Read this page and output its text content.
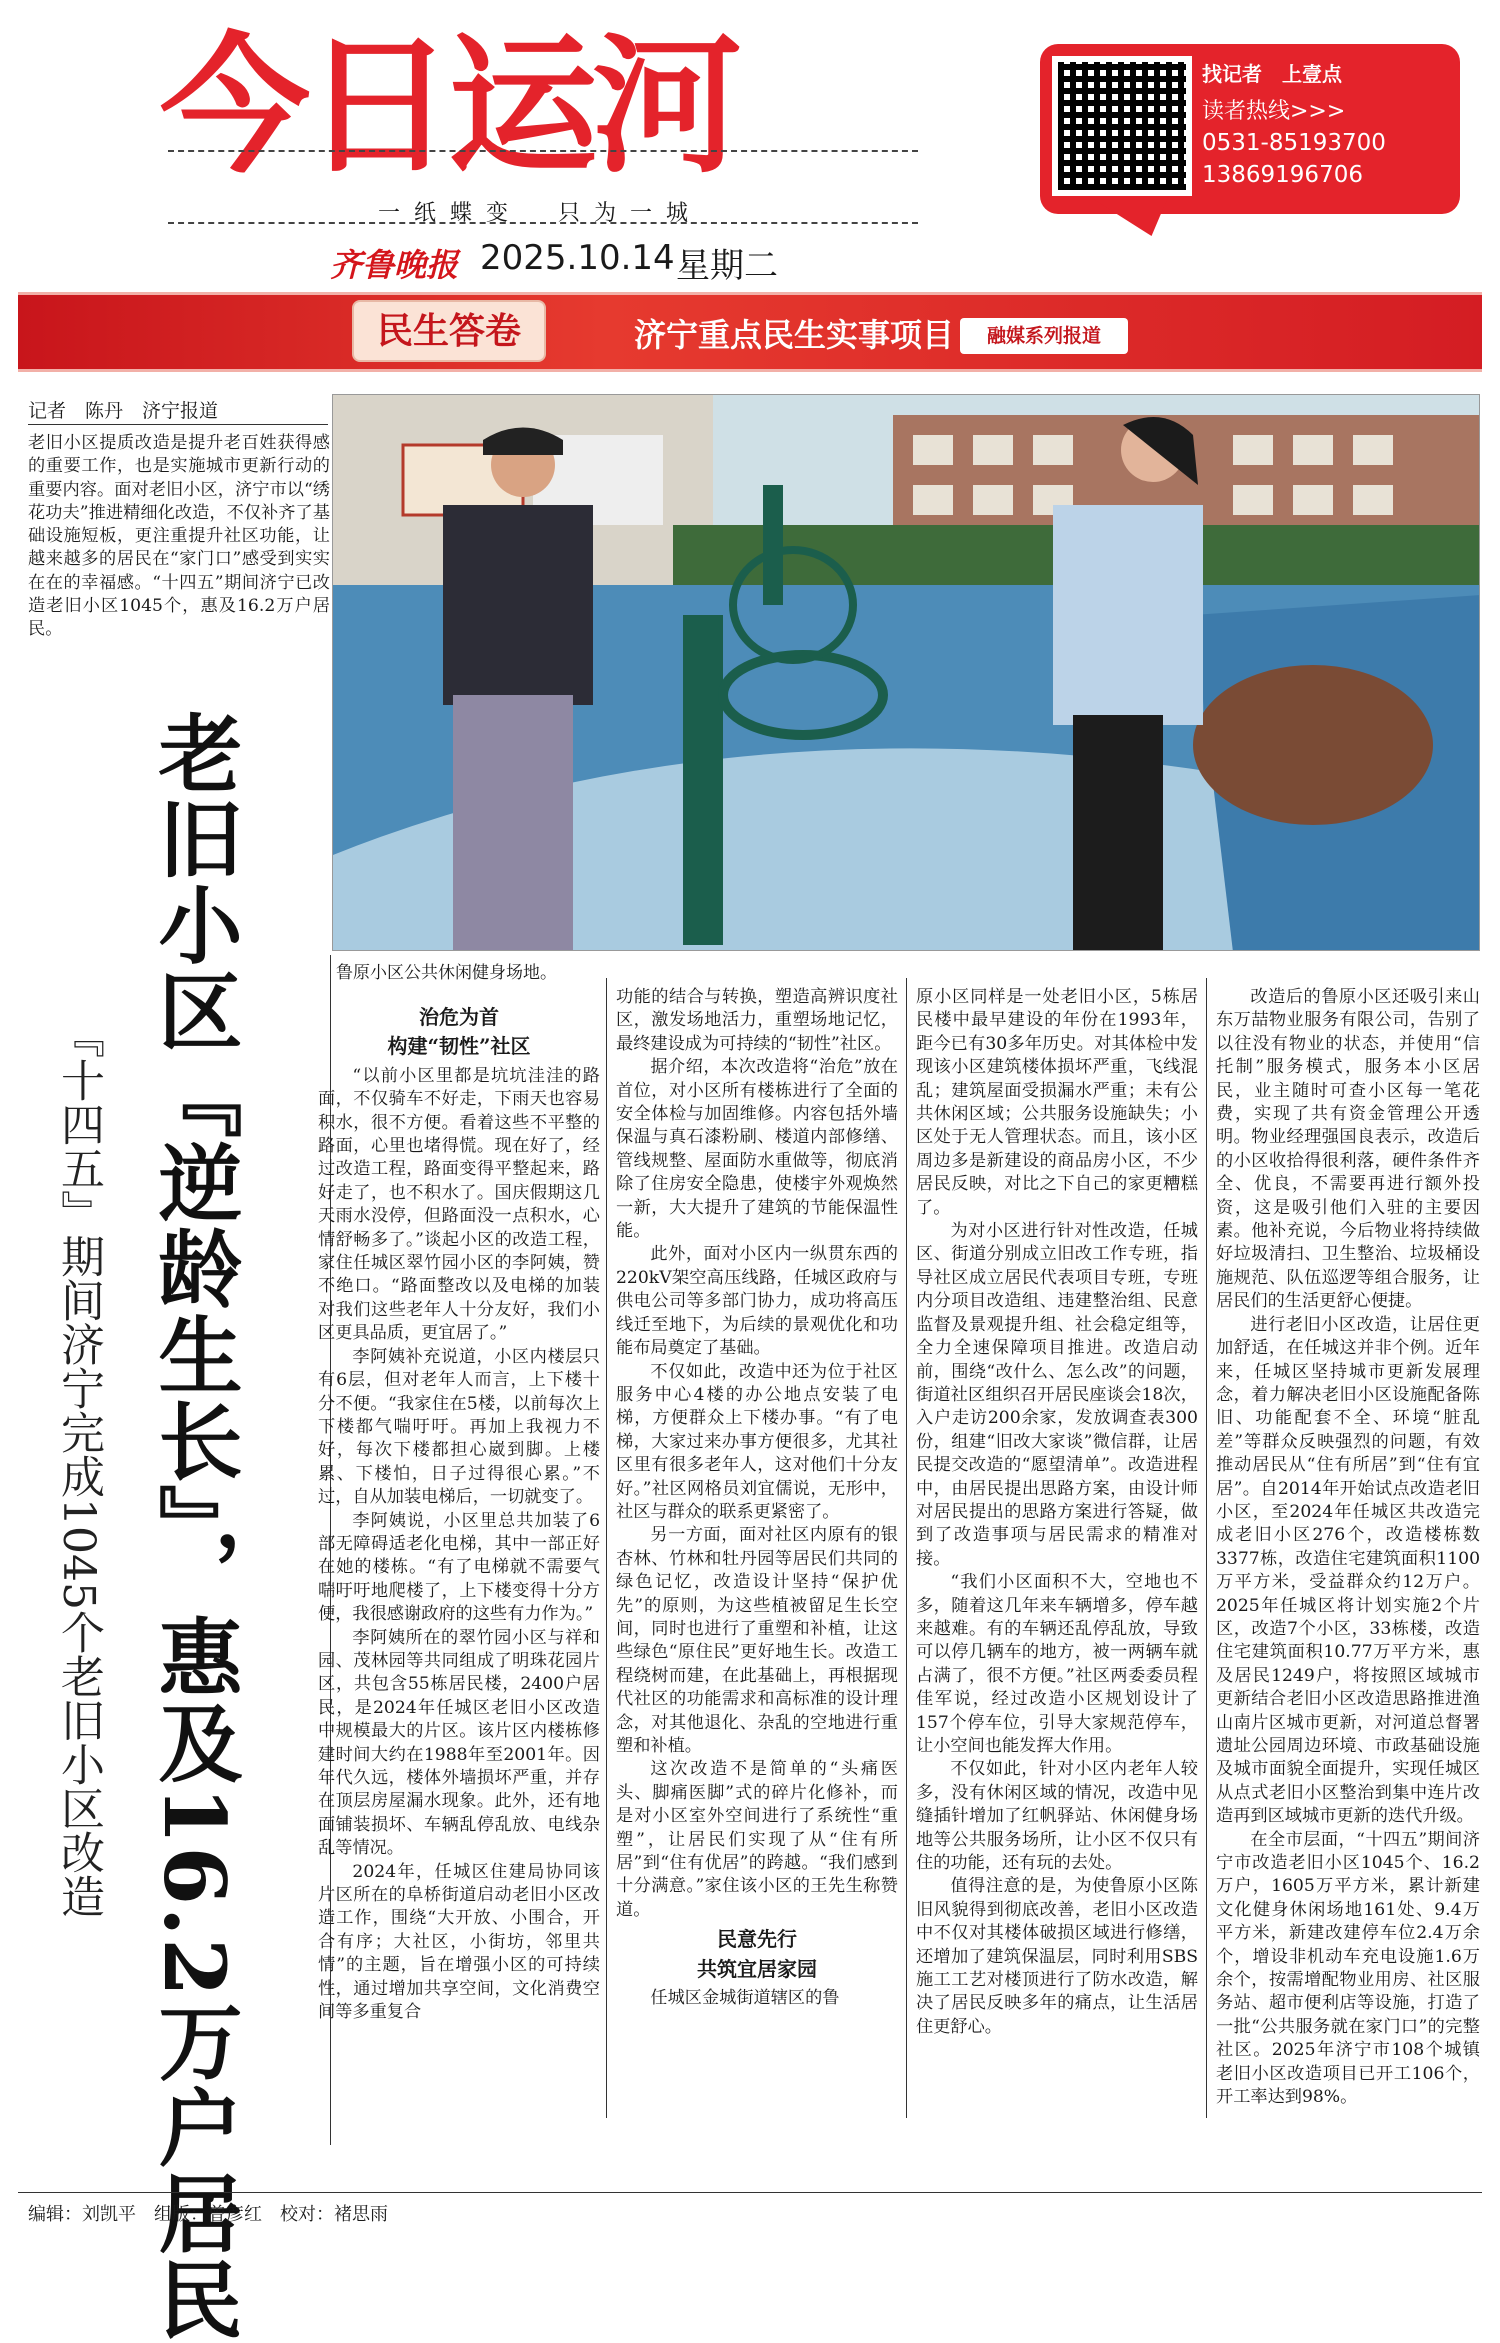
今日运河
一纸蝶变　只为一城
齐鲁晚报 2025.10.14 星期二
找记者　上壹点
读者热线>>>
0531-85193700
13869196706
民生答卷	济宁重点民生实事项目	融媒系列报道
记者　陈丹　济宁报道
老旧小区提质改造是提升老百姓获得感的重要工作，也是实施城市更新行动的重要内容。面对老旧小区，济宁市以“绣花功夫”推进精细化改造，不仅补齐了基础设施短板，更注重提升社区功能，让越来越多的居民在“家门口”感受到实实在在的幸福感。“十四五”期间济宁已改造老旧小区1045个，惠及16.2万户居民。
老旧小区『逆龄生长』，惠及16.2万户居民
『十四五』期间济宁完成1045个老旧小区改造
鲁原小区公共休闲健身场地。

治危为首

构建“韧性”社区

“以前小区里都是坑坑洼洼的路面，不仅骑车不好走，下雨天也容易积水，很不方便。看着这些不平整的路面，心里也堵得慌。现在好了，经过改造工程，路面变得平整起来，路好走了，也不积水了。国庆假期这几天雨水没停，但路面没一点积水，心情舒畅多了。”谈起小区的改造工程，家住任城区翠竹园小区的李阿姨，赞不绝口。“路面整改以及电梯的加装对我们这些老年人十分友好，我们小区更具品质，更宜居了。”

李阿姨补充说道，小区内楼层只有6层，但对老年人而言，上下楼十分不便。“我家住在5楼，以前每次上下楼都气喘吁吁。再加上我视力不好，每次下楼都担心崴到脚。上楼累、下楼怕，日子过得很心累。”不过，自从加装电梯后，一切就变了。

李阿姨说，小区里总共加装了6部无障碍适老化电梯，其中一部正好在她的楼栋。“有了电梯就不需要气喘吁吁地爬楼了，上下楼变得十分方便，我很感谢政府的这些有力作为。”

李阿姨所在的翠竹园小区与祥和园、茂林园等共同组成了明珠花园片区，共包含55栋居民楼，2400户居民，是2024年任城区老旧小区改造中规模最大的片区。该片区内楼栋修建时间大约在1988年至2001年。因年代久远，楼体外墙损坏严重，并存在顶层房屋漏水现象。此外，还有地面铺装损坏、车辆乱停乱放、电线杂乱等情况。

2024年，任城区住建局协同该片区所在的阜桥街道启动老旧小区改造工作，围绕“大开放、小围合，开合有序；大社区，小街坊，邻里共情”的主题，旨在增强小区的可持续性，通过增加共享空间，文化消费空间等多重复合

功能的结合与转换，塑造高辨识度社区，激发场地活力，重塑场地记忆，最终建设成为可持续的“韧性”社区。

据介绍，本次改造将“治危”放在首位，对小区所有楼栋进行了全面的安全体检与加固维修。内容包括外墙保温与真石漆粉刷、楼道内部修缮、管线规整、屋面防水重做等，彻底消除了住房安全隐患，使楼宇外观焕然一新，大大提升了建筑的节能保温性能。

此外，面对小区内一纵贯东西的220kV架空高压线路，任城区政府与供电公司等多部门协力，成功将高压线迁至地下，为后续的景观优化和功能布局奠定了基础。

不仅如此，改造中还为位于社区服务中心4楼的办公地点安装了电梯，方便群众上下楼办事。“有了电梯，大家过来办事方便很多，尤其社区里有很多老年人，这对他们十分友好。”社区网格员刘宜儒说，无形中，社区与群众的联系更紧密了。

另一方面，面对社区内原有的银杏林、竹林和牡丹园等居民们共同的绿色记忆，改造设计坚持“保护优先”的原则，为这些植被留足生长空间，同时也进行了重塑和补植，让这些绿色“原住民”更好地生长。改造工程绕树而建，在此基础上，再根据现代社区的功能需求和高标准的设计理念，对其他退化、杂乱的空地进行重塑和补植。

这次改造不是简单的“头痛医头、脚痛医脚”式的碎片化修补，而是对小区室外空间进行了系统性“重塑”，让居民们实现了从“住有所居”到“住有优居”的跨越。“我们感到十分满意。”家住该小区的王先生称赞道。

民意先行

共筑宜居家园

任城区金城街道辖区的鲁

原小区同样是一处老旧小区，5栋居民楼中最早建设的年份在1993年，距今已有30多年历史。对其体检中发现该小区建筑楼体损坏严重，飞线混乱；建筑屋面受损漏水严重；未有公共休闲区域；公共服务设施缺失；小区处于无人管理状态。而且，该小区周边多是新建设的商品房小区，不少居民反映，对比之下自己的家更糟糕了。

为对小区进行针对性改造，任城区、街道分别成立旧改工作专班，指导社区成立居民代表项目专班，专班内分项目改造组、违建整治组、民意监督及景观提升组、社会稳定组等，全力全速保障项目推进。改造启动前，围绕“改什么、怎么改”的问题，街道社区组织召开居民座谈会18次，入户走访200余家，发放调查表300份，组建“旧改大家谈”微信群，让居民提交改造的“愿望清单”。改造进程中，由居民提出思路方案，由设计师对居民提出的思路方案进行答疑，做到了改造事项与居民需求的精准对接。

“我们小区面积不大，空地也不多，随着这几年来车辆增多，停车越来越难。有的车辆还乱停乱放，导致可以停几辆车的地方，被一两辆车就占满了，很不方便。”社区两委委员程佳军说，经过改造小区规划设计了157个停车位，引导大家规范停车，让小空间也能发挥大作用。

不仅如此，针对小区内老年人较多，没有休闲区域的情况，改造中见缝插针增加了红帆驿站、休闲健身场地等公共服务场所，让小区不仅只有住的功能，还有玩的去处。

值得注意的是，为使鲁原小区陈旧风貌得到彻底改善，老旧小区改造中不仅对其楼体破损区域进行修缮，还增加了建筑保温层，同时利用SBS施工工艺对楼顶进行了防水改造，解决了居民反映多年的痛点，让生活居住更舒心。

改造后的鲁原小区还吸引来山东万喆物业服务有限公司，告别了以往没有物业的状态，并使用“信托制”服务模式，服务本小区居民，业主随时可查小区每一笔花费，实现了共有资金管理公开透明。物业经理强国良表示，改造后的小区收拾得很利落，硬件条件齐全、优良，不需要再进行额外投资，这是吸引他们入驻的主要因素。他补充说，今后物业将持续做好垃圾清扫、卫生整治、垃圾桶设施规范、队伍巡逻等组合服务，让居民们的生活更舒心便捷。

进行老旧小区改造，让居住更加舒适，在任城这并非个例。近年来，任城区坚持城市更新发展理念，着力解决老旧小区设施配备陈旧、功能配套不全、环境“脏乱差”等群众反映强烈的问题，有效推动居民从“住有所居”到“住有宜居”。自2014年开始试点改造老旧小区，至2024年任城区共改造完成老旧小区276个，改造楼栋数3377栋，改造住宅建筑面积1100万平方米，受益群众约12万户。2025年任城区将计划实施2个片区，改造7个小区，33栋楼，改造住宅建筑面积10.77万平方米，惠及居民1249户，将按照区域城市更新结合老旧小区改造思路推进渔山南片区城市更新，对河道总督署遗址公园周边环境、市政基础设施及城市面貌全面提升，实现任城区从点式老旧小区整治到集中连片改造再到区域城市更新的迭代升级。

在全市层面，“十四五”期间济宁市改造老旧小区1045个、16.2万户，1605万平方米，累计新建文化健身休闲场地161处、9.4万平方米，新建改建停车位2.4万余个，增设非机动车充电设施1.6万余个，按需增配物业用房、社区服务站、超市便利店等设施，打造了一批“公共服务就在家门口”的完整社区。2025年济宁市108个城镇老旧小区改造项目已开工106个，开工率达到98%。

编辑：刘凯平　组版：曾彦红　校对：褚思雨
